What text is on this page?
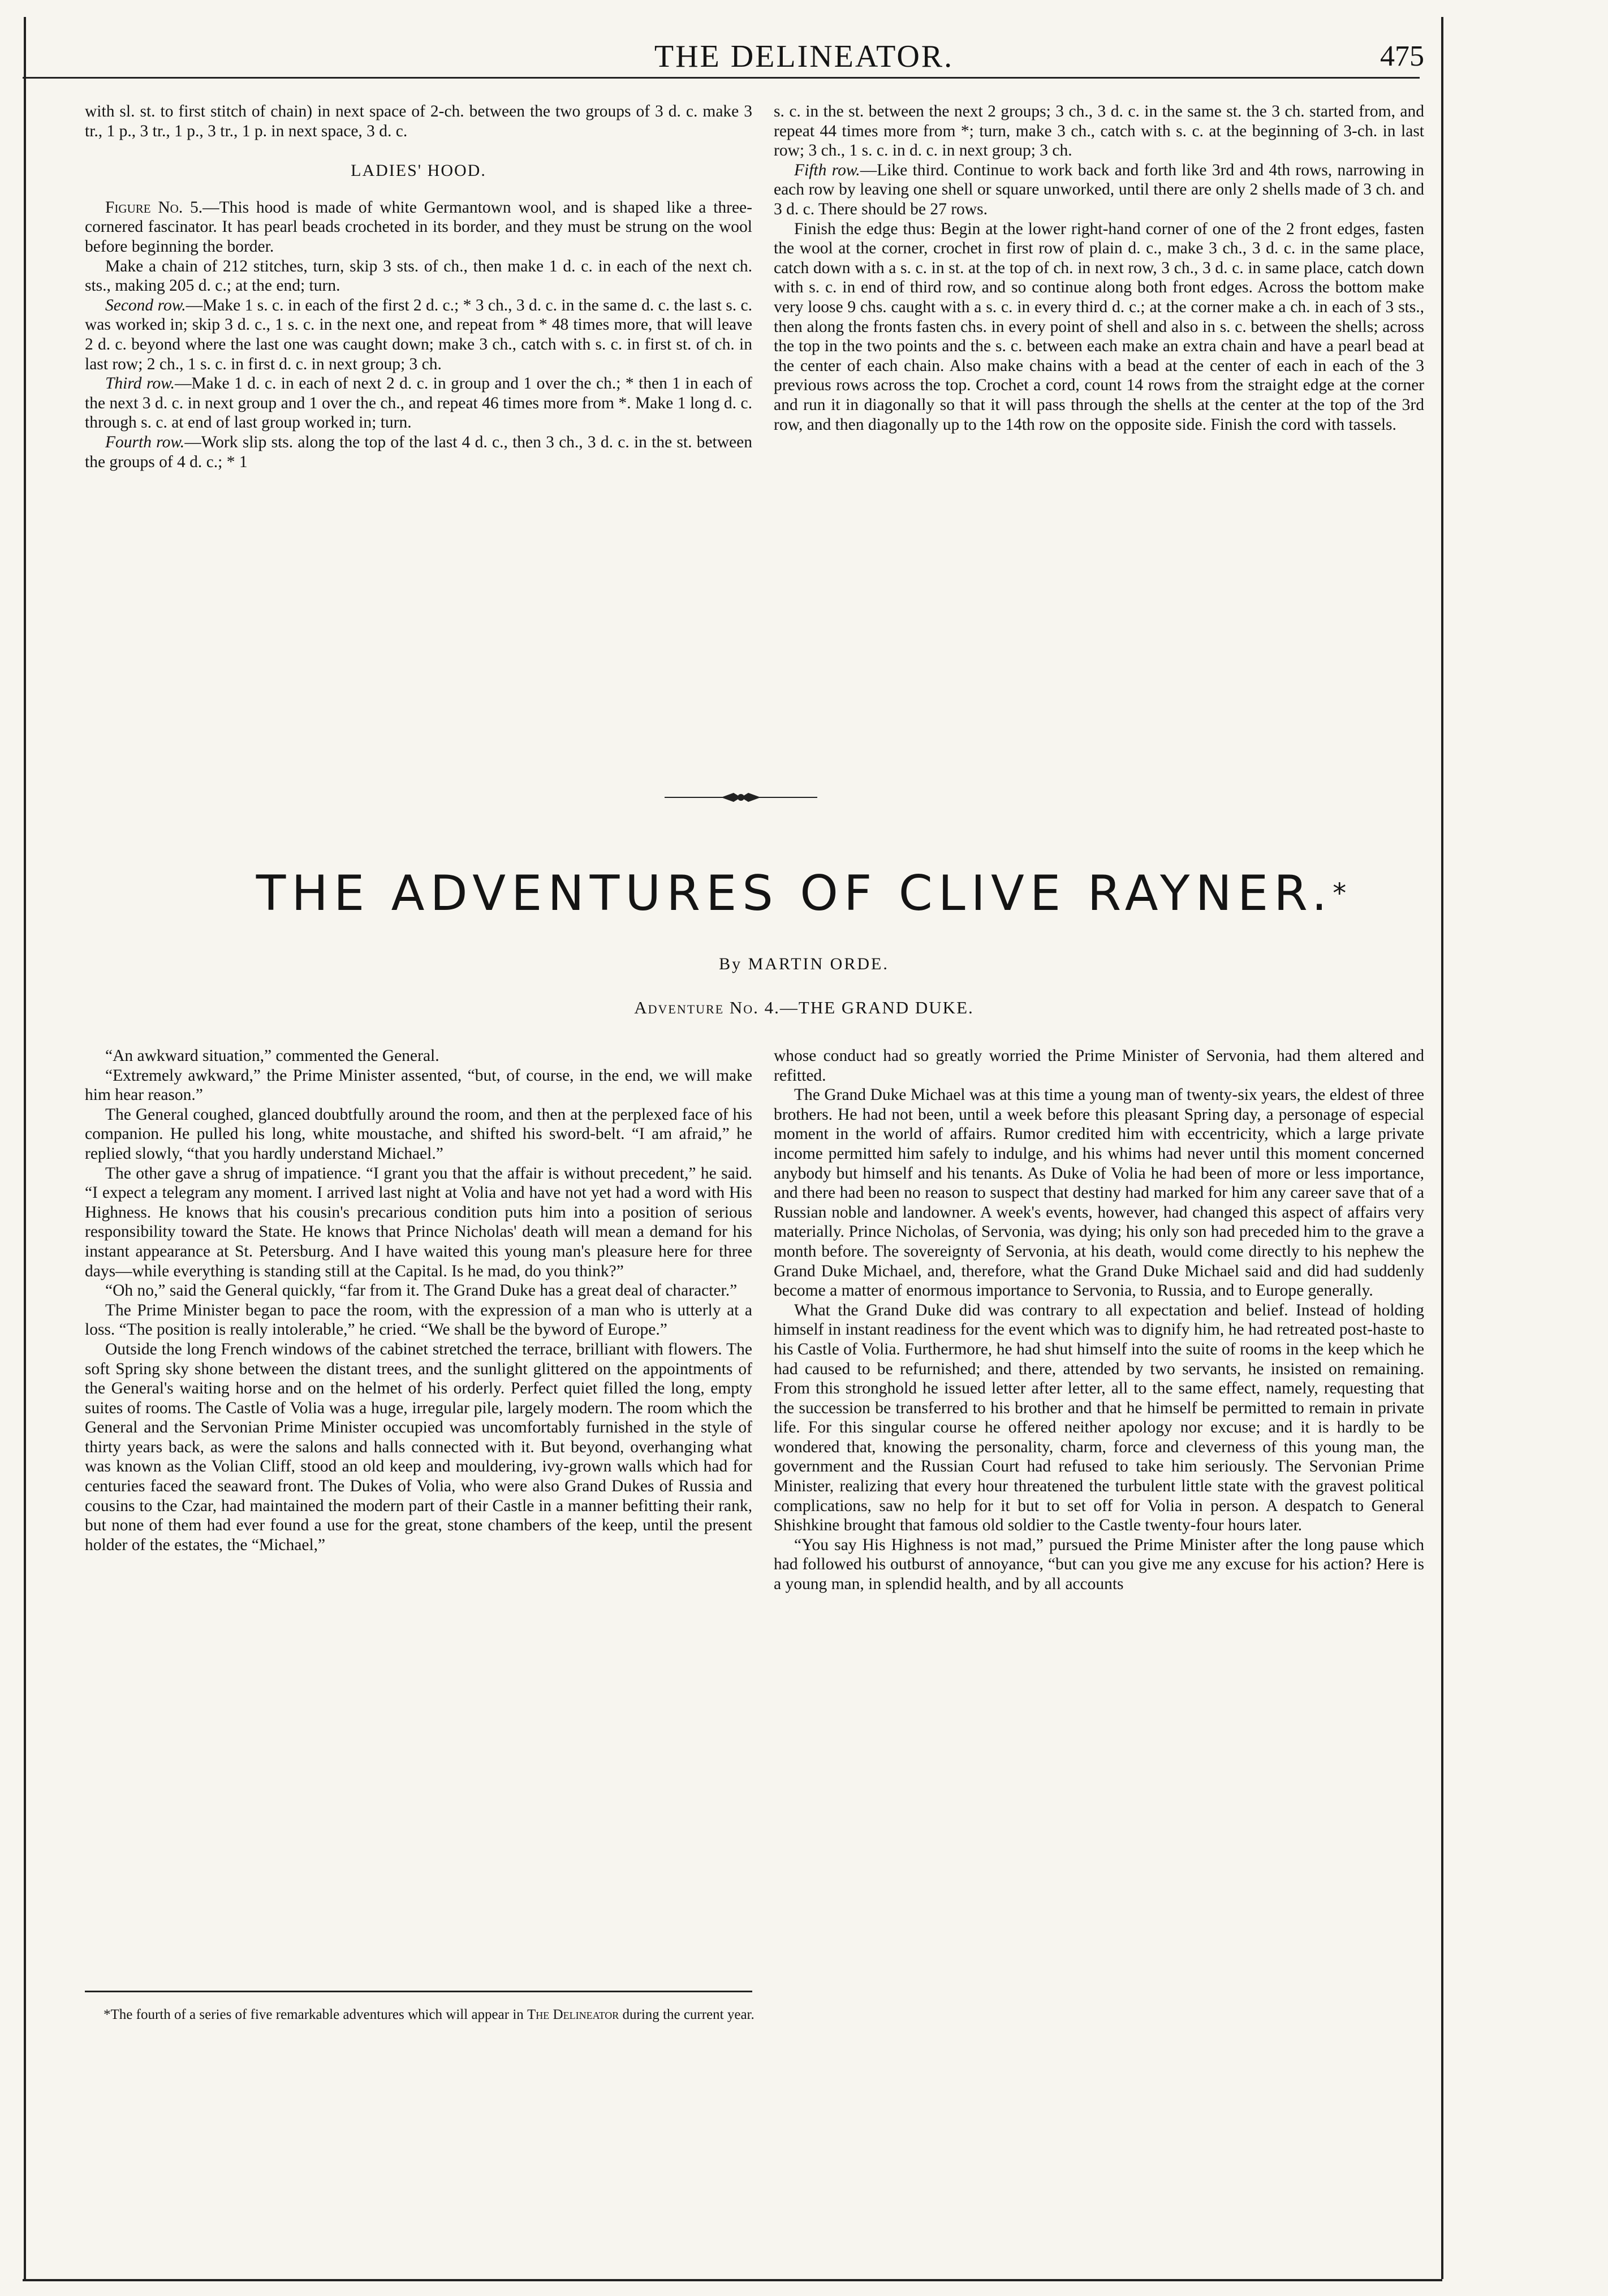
THE DELINEATOR.	475

with sl. st. to first stitch of chain) in next space of 2-ch. between the two groups of 3 d. c. make 3 tr., 1 p., 3 tr., 1 p., 3 tr., 1 p. in next space, 3 d. c.

LADIES' HOOD.

Figure No. 5.—This hood is made of white Germantown wool, and is shaped like a three-cornered fascinator. It has pearl beads crocheted in its border, and they must be strung on the wool before beginning the border.

Make a chain of 212 stitches, turn, skip 3 sts. of ch., then make 1 d. c. in each of the next ch. sts., making 205 d. c.; at the end; turn.

Second row.—Make 1 s. c. in each of the first 2 d. c.; * 3 ch., 3 d. c. in the same d. c. the last s. c. was worked in; skip 3 d. c., 1 s. c. in the next one, and repeat from * 48 times more, that will leave 2 d. c. beyond where the last one was caught down; make 3 ch., catch with s. c. in first st. of ch. in last row; 2 ch., 1 s. c. in first d. c. in next group; 3 ch.

Third row.—Make 1 d. c. in each of next 2 d. c. in group and 1 over the ch.; * then 1 in each of the next 3 d. c. in next group and 1 over the ch., and repeat 46 times more from *. Make 1 long d. c. through s. c. at end of last group worked in; turn.

Fourth row.—Work slip sts. along the top of the last 4 d. c., then 3 ch., 3 d. c. in the st. between the groups of 4 d. c.; * 1

s. c. in the st. between the next 2 groups; 3 ch., 3 d. c. in the same st. the 3 ch. started from, and repeat 44 times more from *; turn, make 3 ch., catch with s. c. at the beginning of 3-ch. in last row; 3 ch., 1 s. c. in d. c. in next group; 3 ch.

Fifth row.—Like third. Continue to work back and forth like 3rd and 4th rows, narrowing in each row by leaving one shell or square unworked, until there are only 2 shells made of 3 ch. and 3 d. c. There should be 27 rows.

Finish the edge thus: Begin at the lower right-hand corner of one of the 2 front edges, fasten the wool at the corner, crochet in first row of plain d. c., make 3 ch., 3 d. c. in the same place, catch down with a s. c. in st. at the top of ch. in next row, 3 ch., 3 d. c. in same place, catch down with s. c. in end of third row, and so continue along both front edges. Across the bottom make very loose 9 chs. caught with a s. c. in every third d. c.; at the corner make a ch. in each of 3 sts., then along the fronts fasten chs. in every point of shell and also in s. c. between the shells; across the top in the two points and the s. c. between each make an extra chain and have a pearl bead at the center of each chain. Also make chains with a bead at the center of each in each of the 3 previous rows across the top. Crochet a cord, count 14 rows from the straight edge at the corner and run it in diagonally so that it will pass through the shells at the center at the top of the 3rd row, and then diagonally up to the 14th row on the opposite side. Finish the cord with tassels.

THE ADVENTURES OF CLIVE RAYNER.*
By MARTIN ORDE.
Adventure No. 4.—THE GRAND DUKE.

“An awkward situation,” commented the General.

“Extremely awkward,” the Prime Minister assented, “but, of course, in the end, we will make him hear reason.”

The General coughed, glanced doubtfully around the room, and then at the perplexed face of his companion. He pulled his long, white moustache, and shifted his sword-belt. “I am afraid,” he replied slowly, “that you hardly understand Michael.”

The other gave a shrug of impatience. “I grant you that the affair is without precedent,” he said. “I expect a telegram any moment. I arrived last night at Volia and have not yet had a word with His Highness. He knows that his cousin's precarious condition puts him into a position of serious responsibility toward the State. He knows that Prince Nicholas' death will mean a demand for his instant appearance at St. Petersburg. And I have waited this young man's pleasure here for three days—while everything is standing still at the Capital. Is he mad, do you think?”

“Oh no,” said the General quickly, “far from it. The Grand Duke has a great deal of character.”

The Prime Minister began to pace the room, with the expression of a man who is utterly at a loss. “The position is really intolerable,” he cried. “We shall be the byword of Europe.”

Outside the long French windows of the cabinet stretched the terrace, brilliant with flowers. The soft Spring sky shone between the distant trees, and the sunlight glittered on the appointments of the General's waiting horse and on the helmet of his orderly. Perfect quiet filled the long, empty suites of rooms. The Castle of Volia was a huge, irregular pile, largely modern. The room which the General and the Servonian Prime Minister occupied was uncomfortably furnished in the style of thirty years back, as were the salons and halls connected with it. But beyond, overhanging what was known as the Volian Cliff, stood an old keep and mouldering, ivy-grown walls which had for centuries faced the seaward front. The Dukes of Volia, who were also Grand Dukes of Russia and cousins to the Czar, had maintained the modern part of their Castle in a manner befitting their rank, but none of them had ever found a use for the great, stone chambers of the keep, until the present holder of the estates, the “Michael,”

*The fourth of a series of five remarkable adventures which will appear in The Delineator during the current year.

whose conduct had so greatly worried the Prime Minister of Servonia, had them altered and refitted.

The Grand Duke Michael was at this time a young man of twenty-six years, the eldest of three brothers. He had not been, until a week before this pleasant Spring day, a personage of especial moment in the world of affairs. Rumor credited him with eccentricity, which a large private income permitted him safely to indulge, and his whims had never until this moment concerned anybody but himself and his tenants. As Duke of Volia he had been of more or less importance, and there had been no reason to suspect that destiny had marked for him any career save that of a Russian noble and landowner. A week's events, however, had changed this aspect of affairs very materially. Prince Nicholas, of Servonia, was dying; his only son had preceded him to the grave a month before. The sovereignty of Servonia, at his death, would come directly to his nephew the Grand Duke Michael, and, therefore, what the Grand Duke Michael said and did had suddenly become a matter of enormous importance to Servonia, to Russia, and to Europe generally.

What the Grand Duke did was contrary to all expectation and belief. Instead of holding himself in instant readiness for the event which was to dignify him, he had retreated post-haste to his Castle of Volia. Furthermore, he had shut himself into the suite of rooms in the keep which he had caused to be refurnished; and there, attended by two servants, he insisted on remaining. From this stronghold he issued letter after letter, all to the same effect, namely, requesting that the succession be transferred to his brother and that he himself be permitted to remain in private life. For this singular course he offered neither apology nor excuse; and it is hardly to be wondered that, knowing the personality, charm, force and cleverness of this young man, the government and the Russian Court had refused to take him seriously. The Servonian Prime Minister, realizing that every hour threatened the turbulent little state with the gravest political complications, saw no help for it but to set off for Volia in person. A despatch to General Shishkine brought that famous old soldier to the Castle twenty-four hours later.

“You say His Highness is not mad,” pursued the Prime Minister after the long pause which had followed his outburst of annoyance, “but can you give me any excuse for his action? Here is a young man, in splendid health, and by all accounts
